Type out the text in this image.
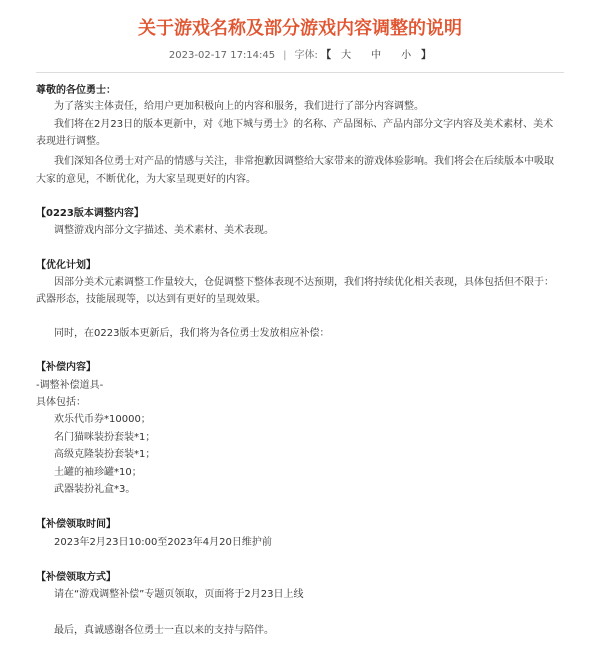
关于游戏名称及部分游戏内容调整的说明
2023-02-17 17:14:45 | 字体: 【 大 中 小 】
尊敬的各位勇士：
为了落实主体责任，给用户更加积极向上的内容和服务，我们进行了部分内容调整。
我们将在2月23日的版本更新中，对《地下城与勇士》的名称、产品图标、产品内部分文字内容及美术素材、美术
表现进行调整。
我们深知各位勇士对产品的情感与关注，非常抱歉因调整给大家带来的游戏体验影响。我们将会在后续版本中吸取
大家的意见，不断优化，为大家呈现更好的内容。
【0223版本调整内容】
调整游戏内部分文字描述、美术素材、美术表现。
【优化计划】
因部分美术元素调整工作量较大，仓促调整下整体表现不达预期，我们将持续优化相关表现，具体包括但不限于：
武器形态，技能展现等，以达到有更好的呈现效果。
同时，在0223版本更新后，我们将为各位勇士发放相应补偿：
【补偿内容】
-调整补偿道具-
具体包括：
欢乐代币券*10000；
名门猫咪装扮套装*1；
高级克隆装扮套装*1；
土罐的袖珍罐*10；
武器装扮礼盒*3。
【补偿领取时间】
2023年2月23日10:00至2023年4月20日维护前
【补偿领取方式】
请在“游戏调整补偿”专题页领取，页面将于2月23日上线
最后，真诚感谢各位勇士一直以来的支持与陪伴。
